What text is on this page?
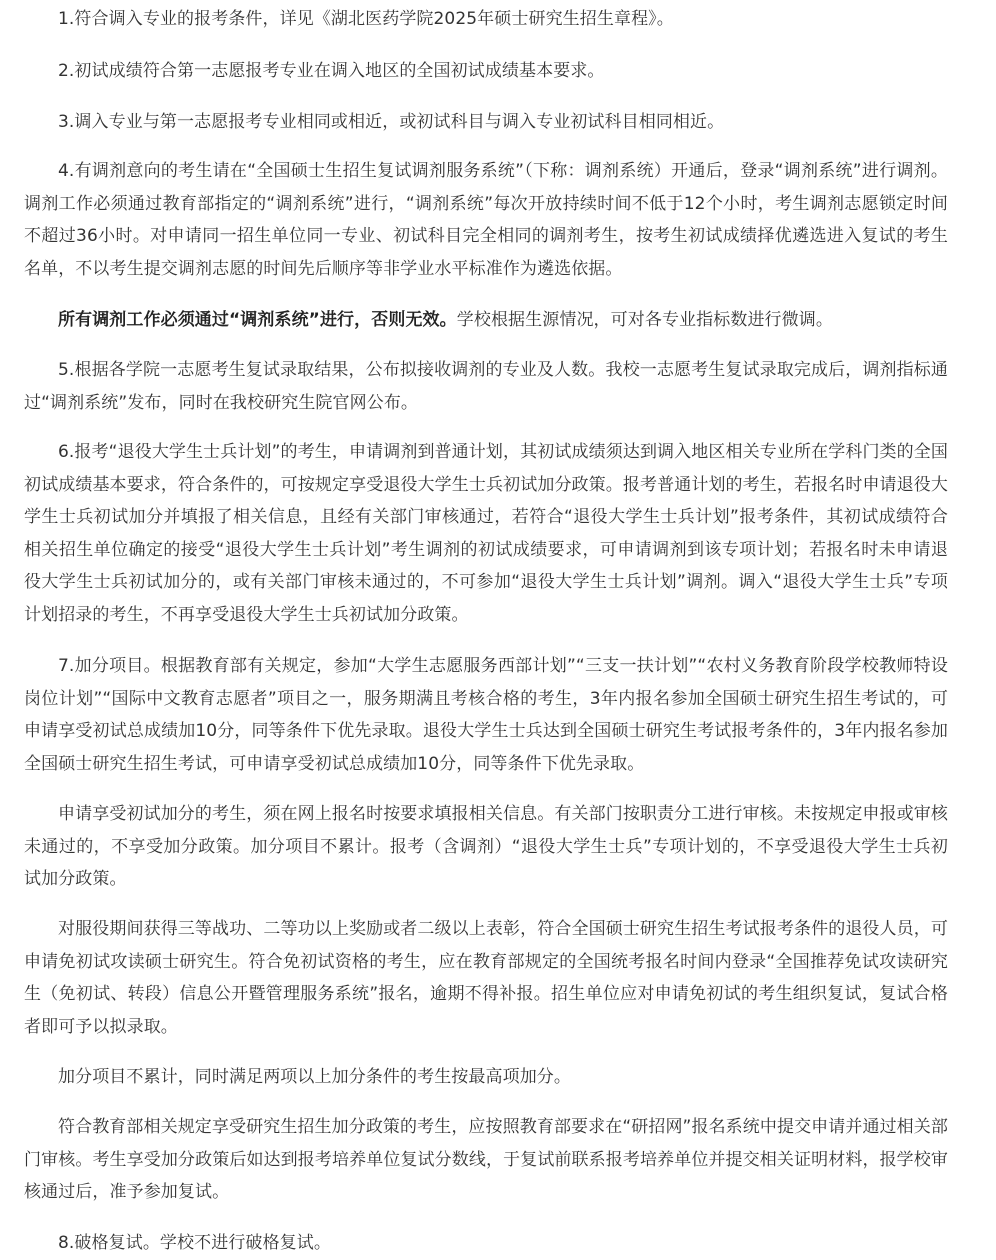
1.符合调入专业的报考条件，详见《湖北医药学院2025年硕士研究生招生章程》。

2.初试成绩符合第一志愿报考专业在调入地区的全国初试成绩基本要求。

3.调入专业与第一志愿报考专业相同或相近，或初试科目与调入专业初试科目相同相近。

4.有调剂意向的考生请在“全国硕士生招生复试调剂服务系统”（下称：调剂系统）开通后，登录“调剂系统”进行调剂。调剂工作必须通过教育部指定的“调剂系统”进行，“调剂系统”每次开放持续时间不低于12个小时，考生调剂志愿锁定时间不超过36小时。对申请同一招生单位同一专业、初试科目完全相同的调剂考生，按考生初试成绩择优遴选进入复试的考生名单，不以考生提交调剂志愿的时间先后顺序等非学业水平标准作为遴选依据。

所有调剂工作必须通过“调剂系统”进行，否则无效。学校根据生源情况，可对各专业指标数进行微调。

5.根据各学院一志愿考生复试录取结果，公布拟接收调剂的专业及人数。我校一志愿考生复试录取完成后，调剂指标通过“调剂系统”发布，同时在我校研究生院官网公布。

6.报考“退役大学生士兵计划”的考生，申请调剂到普通计划，其初试成绩须达到调入地区相关专业所在学科门类的全国初试成绩基本要求，符合条件的，可按规定享受退役大学生士兵初试加分政策。报考普通计划的考生，若报名时申请退役大学生士兵初试加分并填报了相关信息，且经有关部门审核通过，若符合“退役大学生士兵计划”报考条件，其初试成绩符合相关招生单位确定的接受“退役大学生士兵计划”考生调剂的初试成绩要求，可申请调剂到该专项计划；若报名时未申请退役大学生士兵初试加分的，或有关部门审核未通过的，不可参加“退役大学生士兵计划”调剂。调入“退役大学生士兵”专项计划招录的考生，不再享受退役大学生士兵初试加分政策。

7.加分项目。根据教育部有关规定，参加“大学生志愿服务西部计划”“三支一扶计划”“农村义务教育阶段学校教师特设岗位计划”“国际中文教育志愿者”项目之一，服务期满且考核合格的考生，3年内报名参加全国硕士研究生招生考试的，可申请享受初试总成绩加10分，同等条件下优先录取。退役大学生士兵达到全国硕士研究生考试报考条件的，3年内报名参加全国硕士研究生招生考试，可申请享受初试总成绩加10分，同等条件下优先录取。

申请享受初试加分的考生，须在网上报名时按要求填报相关信息。有关部门按职责分工进行审核。未按规定申报或审核未通过的，不享受加分政策。加分项目不累计。报考（含调剂）“退役大学生士兵”专项计划的，不享受退役大学生士兵初试加分政策。

对服役期间获得三等战功、二等功以上奖励或者二级以上表彰，符合全国硕士研究生招生考试报考条件的退役人员，可申请免初试攻读硕士研究生。符合免初试资格的考生，应在教育部规定的全国统考报名时间内登录“全国推荐免试攻读研究生（免初试、转段）信息公开暨管理服务系统”报名，逾期不得补报。招生单位应对申请免初试的考生组织复试，复试合格者即可予以拟录取。

加分项目不累计，同时满足两项以上加分条件的考生按最高项加分。

符合教育部相关规定享受研究生招生加分政策的考生，应按照教育部要求在“研招网”报名系统中提交申请并通过相关部门审核。考生享受加分政策后如达到报考培养单位复试分数线，于复试前联系报考培养单位并提交相关证明材料，报学校审核通过后，准予参加复试。

8.破格复试。学校不进行破格复试。
